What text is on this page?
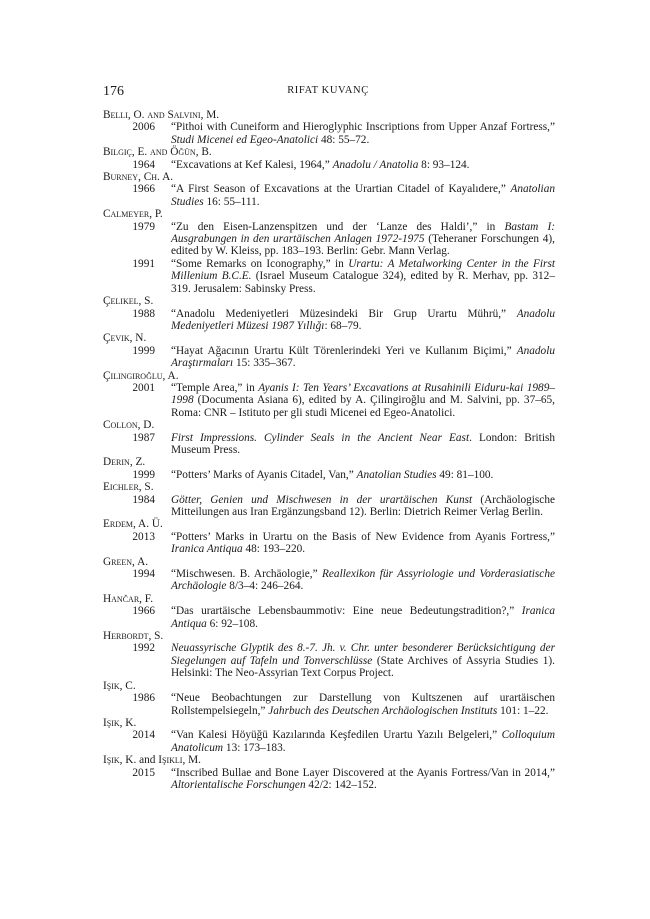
176	RIFAT KUVANÇ
Belli, O. and Salvini, M.
2006 “Pithoi with Cuneiform and Hieroglyphic Inscriptions from Upper Anzaf Fortress,” Studi Micenei ed Egeo-Anatolici 48: 55–72.
Bilgiç, E. and Öğün, B.
1964 “Excavations at Kef Kalesi, 1964,” Anadolu / Anatolia 8: 93–124.
Burney, Ch. A.
1966 “A First Season of Excavations at the Urartian Citadel of Kayalıdere,” Anatolian Studies 16: 55–111.
Calmeyer, P.
1979 “Zu den Eisen-Lanzenspitzen und der ‘Lanze des Haldi’,” in Bastam I: Ausgrabungen in den urartäischen Anlagen 1972-1975 (Teheraner Forschungen 4), edited by W. Kleiss, pp. 183–193. Berlin: Gebr. Mann Verlag.
1991 “Some Remarks on Iconography,” in Urartu: A Metalworking Center in the First Millenium B.C.E. (Israel Museum Catalogue 324), edited by R. Merhav, pp. 312–319. Jerusalem: Sabinsky Press.
Çelikel, S.
1988 “Anadolu Medeniyetleri Müzesindeki Bir Grup Urartu Mührü,” Anadolu Medeniyetleri Müzesi 1987 Yıllığı: 68–79.
Çevik, N.
1999 “Hayat Ağacının Urartu Kült Törenlerindeki Yeri ve Kullanım Biçimi,” Anadolu Araştırmaları 15: 335–367.
Çilingiroğlu, A.
2001 “Temple Area,” in Ayanis I: Ten Years’ Excavations at Rusahinili Eiduru-kai 1989–1998 (Documenta Asiana 6), edited by A. Çilingiroğlu and M. Salvini, pp. 37–65, Roma: CNR – Istituto per gli studi Micenei ed Egeo-Anatolici.
Collon, D.
1987 First Impressions. Cylinder Seals in the Ancient Near East. London: British Museum Press.
Derin, Z.
1999 “Potters’ Marks of Ayanis Citadel, Van,” Anatolian Studies 49: 81–100.
Eichler, S.
1984 Götter, Genien und Mischwesen in der urartäischen Kunst (Archäologische Mitteilungen aus Iran Ergänzungsband 12). Berlin: Dietrich Reimer Verlag Berlin.
Erdem, A. Ü.
2013 “Potters’ Marks in Urartu on the Basis of New Evidence from Ayanis Fortress,” Iranica Antiqua 48: 193–220.
Green, A.
1994 “Mischwesen. B. Archäologie,” Reallexikon für Assyriologie und Vorderasiatische Archäologie 8/3–4: 246–264.
Hančar, F.
1966 “Das urartäische Lebensbaummotiv: Eine neue Bedeutungstradition?,” Iranica Antiqua 6: 92–108.
Herbordt, S.
1992 Neuassyrische Glyptik des 8.-7. Jh. v. Chr. unter besonderer Berücksichtigung der Siegelungen auf Tafeln und Tonverschlüsse (State Archives of Assyria Studies 1). Helsinki: The Neo-Assyrian Text Corpus Project.
Işık, C.
1986 “Neue Beobachtungen zur Darstellung von Kultszenen auf urartäischen Rollstempelsiegeln,” Jahrbuch des Deutschen Archäologischen Instituts 101: 1–22.
Işık, K.
2014 “Van Kalesi Höyüğü Kazılarında Keşfedilen Urartu Yazılı Belgeleri,” Colloquium Anatolicum 13: 173–183.
Işık, K. and Işıklı, M.
2015 “Inscribed Bullae and Bone Layer Discovered at the Ayanis Fortress/Van in 2014,” Altorientalische Forschungen 42/2: 142–152.
